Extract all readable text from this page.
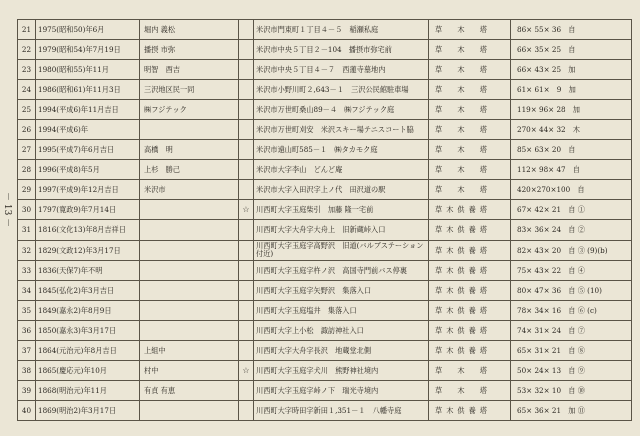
－ 13 －
21	1975(昭和50)年6月	堀内 義松		米沢市門東町１丁目４－５　稲瀬私庭	草　木　塔	86× 55× 36　自
22	1979(昭和54)年7月19日	播摂 市弥		米沢市中央５丁目２－104　播摂市弥宅前	草　木　塔	66× 35× 25　自
23	1980(昭和55)年11月	明智　酉吉		米沢市中央５丁目４－７　西蓮寺墓地内	草　木　塔	66× 43× 25　加
24	1986(昭和61)年11月3日	三沢地区民一同		米沢市小野川町２,643－１　三沢公民館駐車場	草　木　塔	61× 61×　9　加
25	1994(平成6)年11月吉日	㈱フジテック		米沢市万世町桑山89－４　㈱フジテック庭	草　木　塔	119× 96× 28　加
26	1994(平成6)年			米沢市万世町刈安　米沢スキー場テニスコート脇	草　木　塔	270× 44× 32　木
27	1995(平成7)年6月吉日	高橋　明		米沢市遠山町585－１　㈱タカモク庭	草　木　塔	85× 63× 20　自
28	1996(平成8)年5月	上杉　勝己		米沢市大字李山　どんど庵	草　木　塔	112× 98× 47　自
29	1997(平成9)年12月吉日	米沢市		米沢市大字入田沢字上ノ代　田沢道の駅	草　木　塔	420×270×100　自
30	1797(寛政9)年7月14日		☆	川西町大字玉庭柴引　加藤 隆一宅前	草木供養塔	67× 42× 21　自 ①
31	1816(文化13)年8月吉祥日			川西町大字大舟字大舟上　旧新蔵峠入口	草木供養塔	83× 36× 24　自 ②
32	1829(文政12)年3月17日			川西町大字玉庭字高野沢　旧道(バルブステーション付近)	草木供養塔	82× 43× 20　自 ③ (9)(b)
33	1836(天保7)年不明			川西町大字玉庭字杵ノ沢　高国寺門前バス停裏	草木供養塔	75× 43× 22　自 ④
34	1845(弘化2)年3月吉日			川西町大字玉庭字矢野沢　集落入口	草木供養塔	80× 47× 36　自 ⑤ (10)
35	1849(嘉永2)年8月9日			川西町大字玉庭塩井　集落入口	草木供養塔	78× 34× 16　自 ⑥ (c)
36	1850(嘉永3)年3月17日			川西町大字上小松　諏訪神社入口	草木供養塔	74× 31× 24　自 ⑦
37	1864(元治元)年8月吉日	上組中		川西町大字大舟字長沢　地蔵堂北側	草木供養塔	65× 31× 21　自 ⑧
38	1865(慶応元)年10月	村中	☆	川西町大字玉庭字犬川　熊野神社境内	草　木　塔	50× 24× 13　自 ⑨
39	1868(明治元)年11月	有貞 有恵		川西町大字玉庭字峠ノ下　瑞光寺境内	草　木　塔	53× 32× 10　自 ⑩
40	1869(明治2)年3月17日			川西町大字時田字新田１,351－１　八幡寺庭	草木供養塔	65× 36× 21　加 ⑪
